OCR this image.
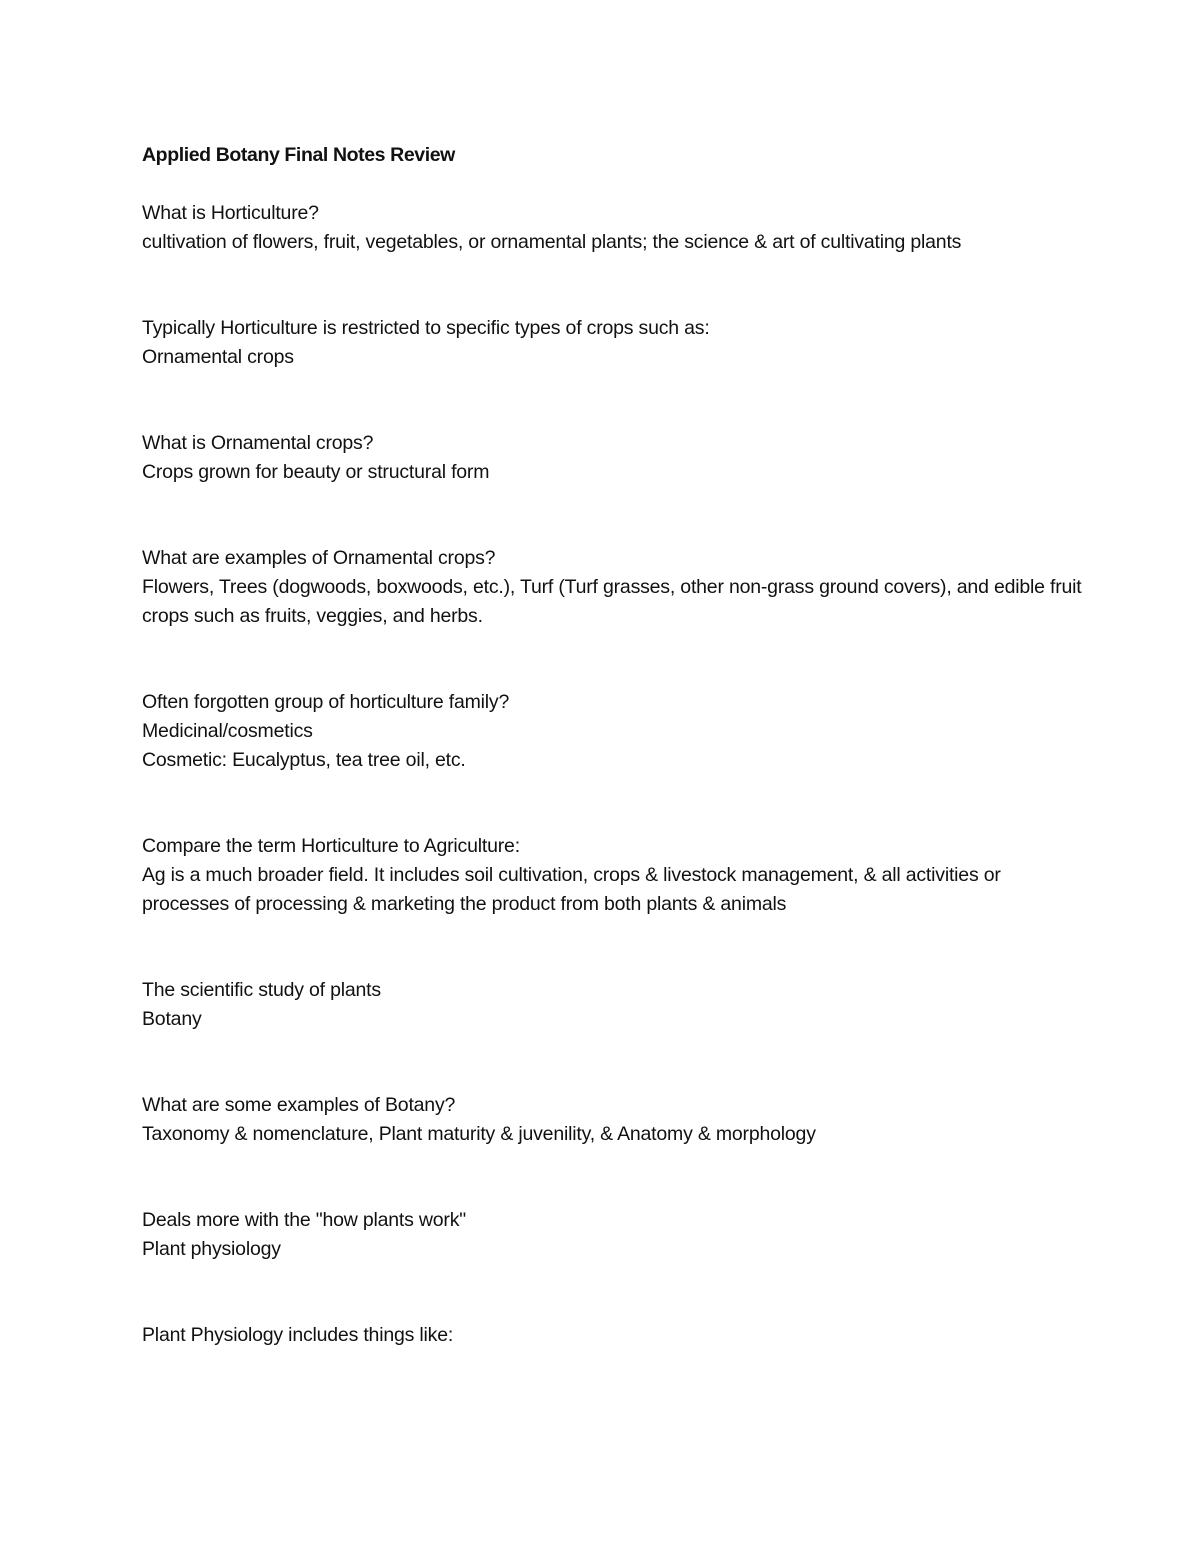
Applied Botany Final Notes Review

What is Horticulture?
cultivation of flowers, fruit, vegetables, or ornamental plants; the science & art of cultivating plants
Typically Horticulture is restricted to specific types of crops such as:
Ornamental crops
What is Ornamental crops?
Crops grown for beauty or structural form
What are examples of Ornamental crops?
Flowers, Trees (dogwoods, boxwoods, etc.), Turf (Turf grasses, other non-grass ground covers), and edible fruit crops such as fruits, veggies, and herbs.
Often forgotten group of horticulture family?
Medicinal/cosmetics
Cosmetic: Eucalyptus, tea tree oil, etc.
Compare the term Horticulture to Agriculture:
Ag is a much broader field. It includes soil cultivation, crops & livestock management, & all activities or processes of processing & marketing the product from both plants & animals
The scientific study of plants
Botany
What are some examples of Botany?
Taxonomy & nomenclature, Plant maturity & juvenility, & Anatomy & morphology
Deals more with the "how plants work"
Plant physiology
Plant Physiology includes things like:
